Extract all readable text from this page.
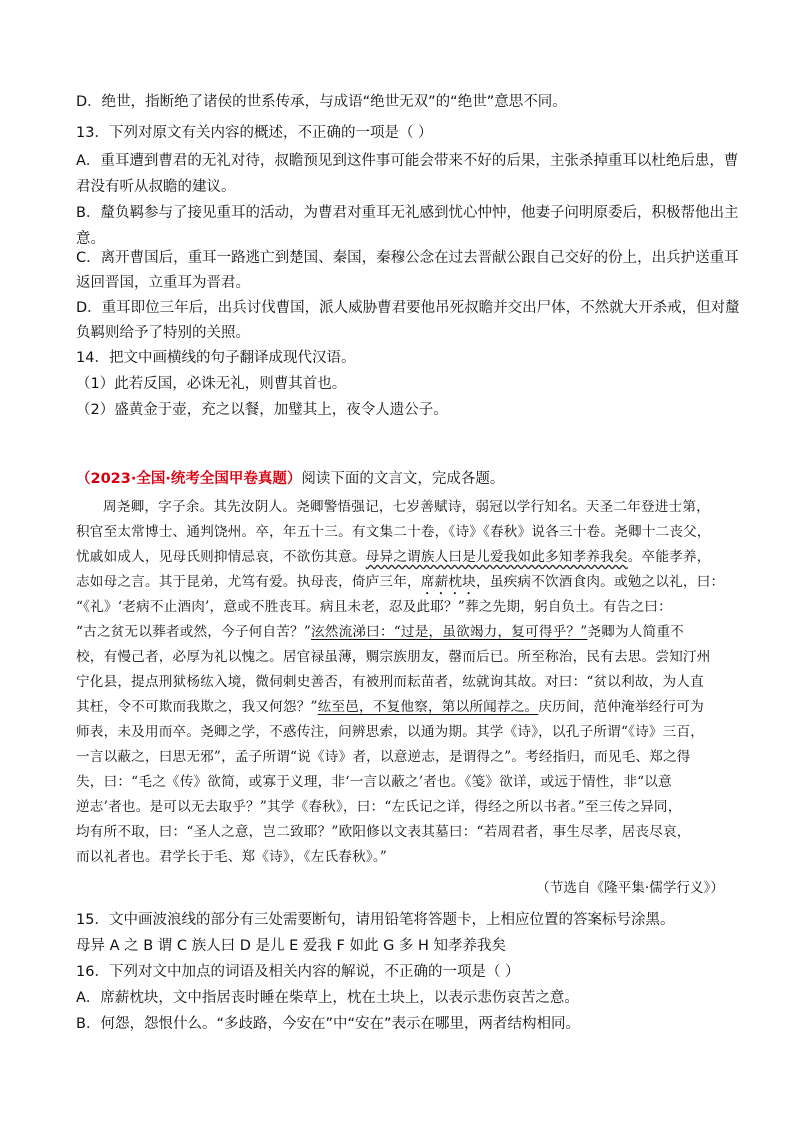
D．绝世，指断绝了诸侯的世系传承，与成语“绝世无双”的“绝世”意思不同。
13．下列对原文有关内容的概述，不正确的一项是（ ）
A．重耳遭到曹君的无礼对待，叔瞻预见到这件事可能会带来不好的后果，主张杀掉重耳以杜绝后患，曹
君没有听从叔瞻的建议。
B．釐负羁参与了接见重耳的活动，为曹君对重耳无礼感到忧心忡忡，他妻子问明原委后，积极帮他出主
意。
C．离开曹国后，重耳一路逃亡到楚国、秦国，秦穆公念在过去晋献公跟自己交好的份上，出兵护送重耳
返回晋国，立重耳为晋君。
D．重耳即位三年后，出兵讨伐曹国，派人威胁曹君要他吊死叔瞻并交出尸体，不然就大开杀戒，但对釐
负羁则给予了特别的关照。
14．把文中画横线的句子翻译成现代汉语。
（1）此若反国，必诛无礼，则曹其首也。
（2）盛黄金于壶，充之以餐，加璧其上，夜令人遗公子。
（2023·全国·统考全国甲卷真题）阅读下面的文言文，完成各题。
周尧卿，字子余。其先汝阴人。尧卿警悟强记，七岁善赋诗，弱冠以学行知名。天圣二年登进士第，
积官至太常博士、通判饶州。卒，年五十三。有文集二十卷，《诗》《春秋》说各三十卷。尧卿十二丧父，
忧戚如成人，见母氏则抑情忌哀，不欲伤其意。母异之谓族人曰是儿爱我如此多知孝养我矣。卒能孝养，
志如母之言。其于昆弟，尤笃有爱。执母丧，倚庐三年，席薪枕块，虽疾病不饮酒食肉。或勉之以礼，曰：
“《礼》‘老病不止酒肉’，意或不胜丧耳。病且未老，忍及此耶？”葬之先期，躬自负土。有告之曰：
“古之贫无以葬者或然，今子何自苦？”泫然流涕曰：“过是，虽欲竭力，复可得乎？”尧卿为人简重不
校，有慢己者，必厚为礼以愧之。居官禄虽薄，赒宗族朋友，罄而后已。所至称治，民有去思。尝知汀州
宁化县，提点刑狱杨纮入境，微伺刺史善否，有被刑而耘苗者，纮就询其故。对曰：“贫以利故，为人直
其枉，令不可欺而我欺之，我又何怨？”纮至邑，不复他察，第以所闻荐之。庆历间，范仲淹举经行可为
师表，未及用而卒。尧卿之学，不惑传注，问辨思索，以通为期。其学《诗》，以孔子所谓“《诗》三百，
一言以蔽之，曰思无邪”，孟子所谓“说《诗》者，以意逆志，是谓得之”。考经指归，而见毛、郑之得
失，曰：“毛之《传》欲简，或寡于义理，非‘一言以蔽之’者也。《笺》欲详，或远于情性，非“以意
逆志’者也。是可以无去取乎？”其学《春秋》，曰：“左氏记之详，得经之所以书者。”至三传之异同，
均有所不取，曰：“圣人之意，岂二致耶？”欧阳修以文表其墓曰：“若周君者，事生尽孝，居丧尽哀，
而以礼者也。君学长于毛、郑《诗》，《左氏春秋》。”
（节选自《隆平集·儒学行义》）
15．文中画波浪线的部分有三处需要断句，请用铅笔将答题卡，上相应位置的答案标号涂黑。
母异 A 之 B 谓 C 族人曰 D 是儿 E 爱我 F 如此 G 多 H 知孝养我矣
16．下列对文中加点的词语及相关内容的解说，不正确的一项是（ ）
A．席薪枕块，文中指居丧时睡在柴草上，枕在土块上，以表示悲伤哀苦之意。
B．何怨，怨恨什么。“多歧路，今安在”中“安在”表示在哪里，两者结构相同。
